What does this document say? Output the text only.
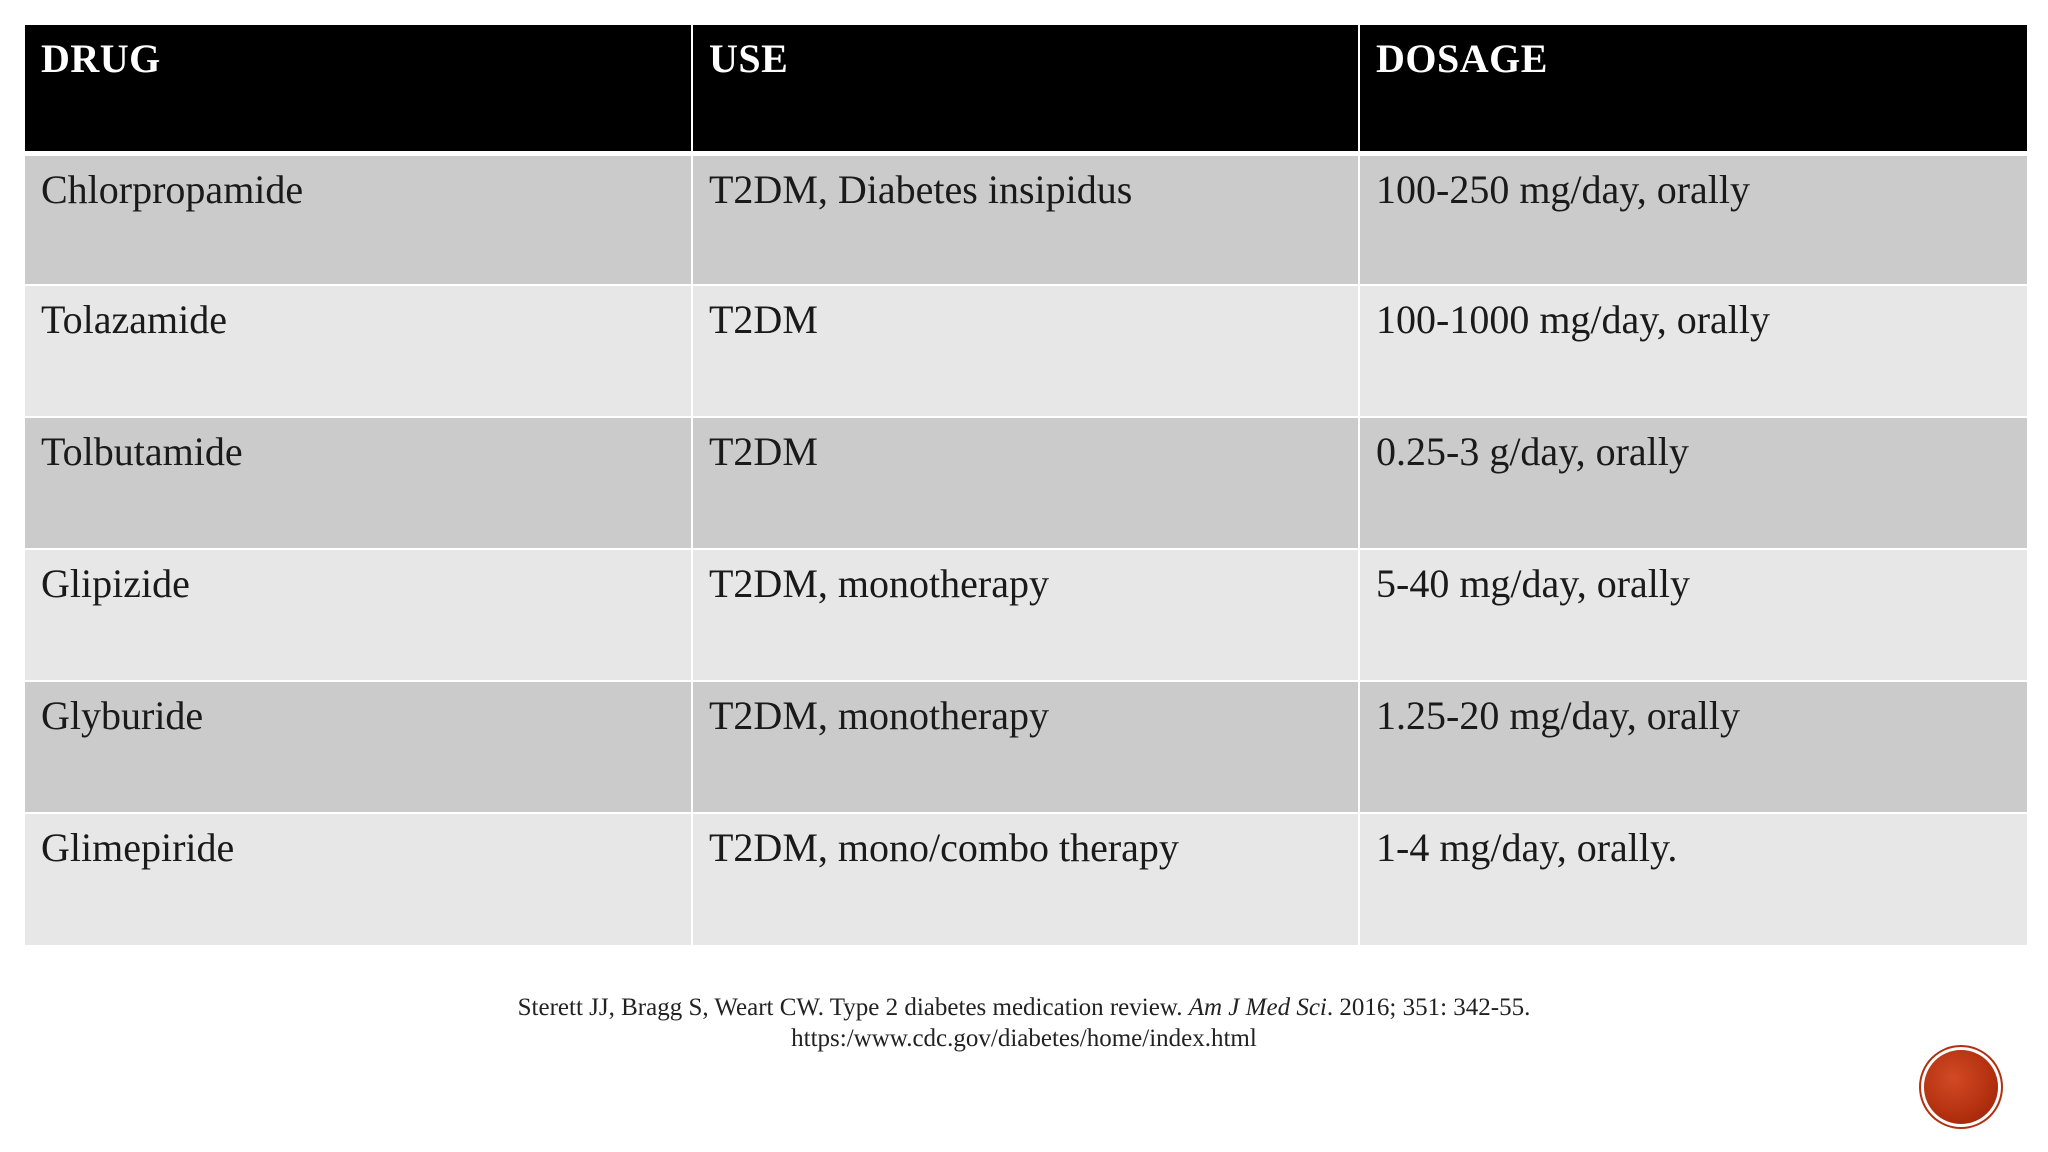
DRUG	USE	DOSAGE
Chlorpropamide	T2DM, Diabetes insipidus	100-250 mg/day, orally
Tolazamide	T2DM	100-1000 mg/day, orally
Tolbutamide	T2DM	0.25-3 g/day, orally
Glipizide	T2DM, monotherapy	5-40 mg/day, orally
Glyburide	T2DM, monotherapy	1.25-20 mg/day, orally
Glimepiride	T2DM, mono/combo therapy	1-4 mg/day, orally.
Sterett JJ, Bragg S, Weart CW. Type 2 diabetes medication review. Am J Med Sci. 2016; 351: 342-55.
https:/www.cdc.gov/diabetes/home/index.html
